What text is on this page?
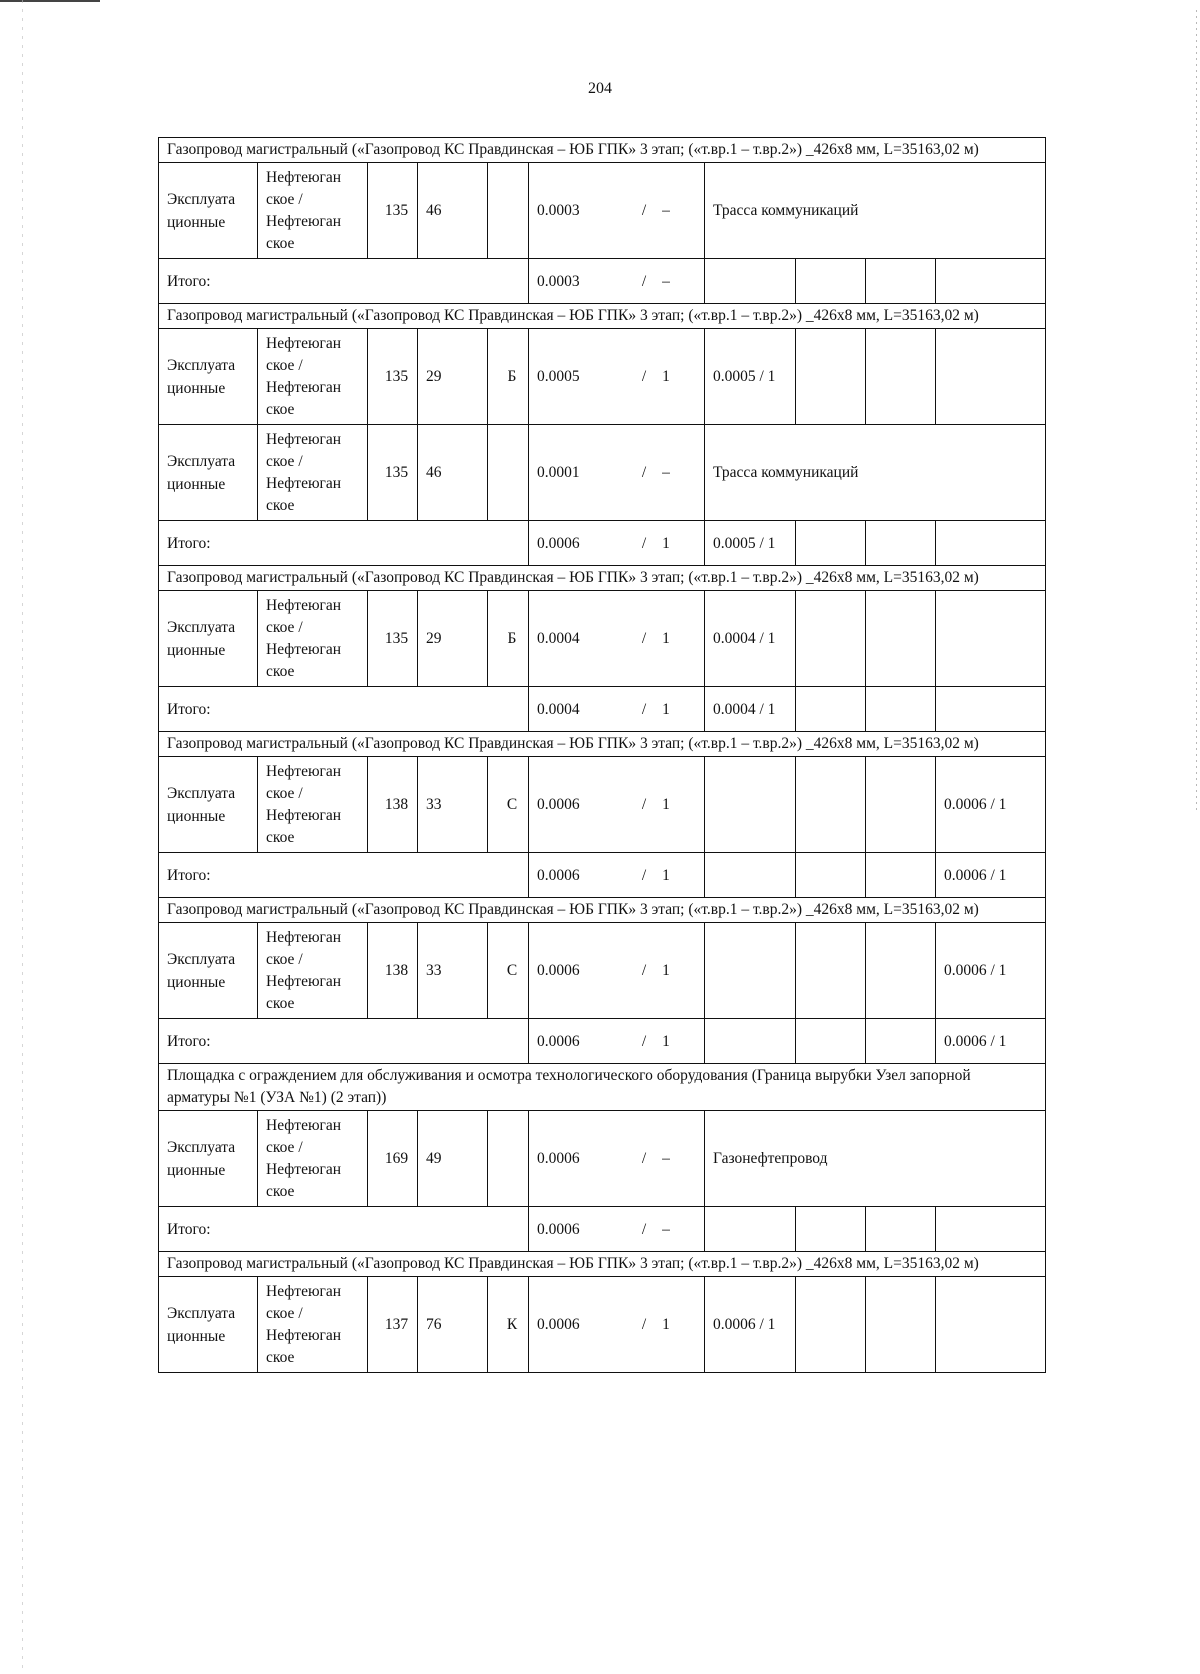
204
Газопровод магистральный («Газопровод КС Правдинская – ЮБ ГПК» 3 этап; («т.вр.1 – т.вр.2») _426х8 мм, L=35163,02 м)									
Эксплуата ционные	Нефтеюган ское / Нефтеюган ское	135	46		0.0003 / –	Трасса коммуникаций			
Итого:					0.0003 / –				
Газопровод магистральный («Газопровод КС Правдинская – ЮБ ГПК» 3 этап; («т.вр.1 – т.вр.2») _426х8 мм, L=35163,02 м)									
Эксплуата ционные	Нефтеюган ское / Нефтеюган ское	135	29	Б	0.0005 / 1	0.0005 / 1			
Эксплуата ционные	Нефтеюган ское / Нефтеюган ское	135	46		0.0001 / –	Трасса коммуникаций			
Итого:					0.0006 / 1	0.0005 / 1			
Газопровод магистральный («Газопровод КС Правдинская – ЮБ ГПК» 3 этап; («т.вр.1 – т.вр.2») _426х8 мм, L=35163,02 м)									
Эксплуата ционные	Нефтеюган ское / Нефтеюган ское	135	29	Б	0.0004 / 1	0.0004 / 1			
Итого:					0.0004 / 1	0.0004 / 1			
Газопровод магистральный («Газопровод КС Правдинская – ЮБ ГПК» 3 этап; («т.вр.1 – т.вр.2») _426х8 мм, L=35163,02 м)									
Эксплуата ционные	Нефтеюган ское / Нефтеюган ское	138	33	С	0.0006 / 1				0.0006 / 1
Итого:					0.0006 / 1				0.0006 / 1
Газопровод магистральный («Газопровод КС Правдинская – ЮБ ГПК» 3 этап; («т.вр.1 – т.вр.2») _426х8 мм, L=35163,02 м)									
Эксплуата ционные	Нефтеюган ское / Нефтеюган ское	138	33	С	0.0006 / 1				0.0006 / 1
Итого:					0.0006 / 1				0.0006 / 1
Площадка с ограждением для обслуживания и осмотра технологического оборудования (Граница вырубки Узел запорной арматуры №1 (УЗА №1) (2 этап))									
Эксплуата ционные	Нефтеюган ское / Нефтеюган ское	169	49		0.0006 / –	Газонефтепровод			
Итого:					0.0006 / –				
Газопровод магистральный («Газопровод КС Правдинская – ЮБ ГПК» 3 этап; («т.вр.1 – т.вр.2») _426х8 мм, L=35163,02 м)									
Эксплуата ционные	Нефтеюган ское / Нефтеюган ское	137	76	К	0.0006 / 1	0.0006 / 1			
